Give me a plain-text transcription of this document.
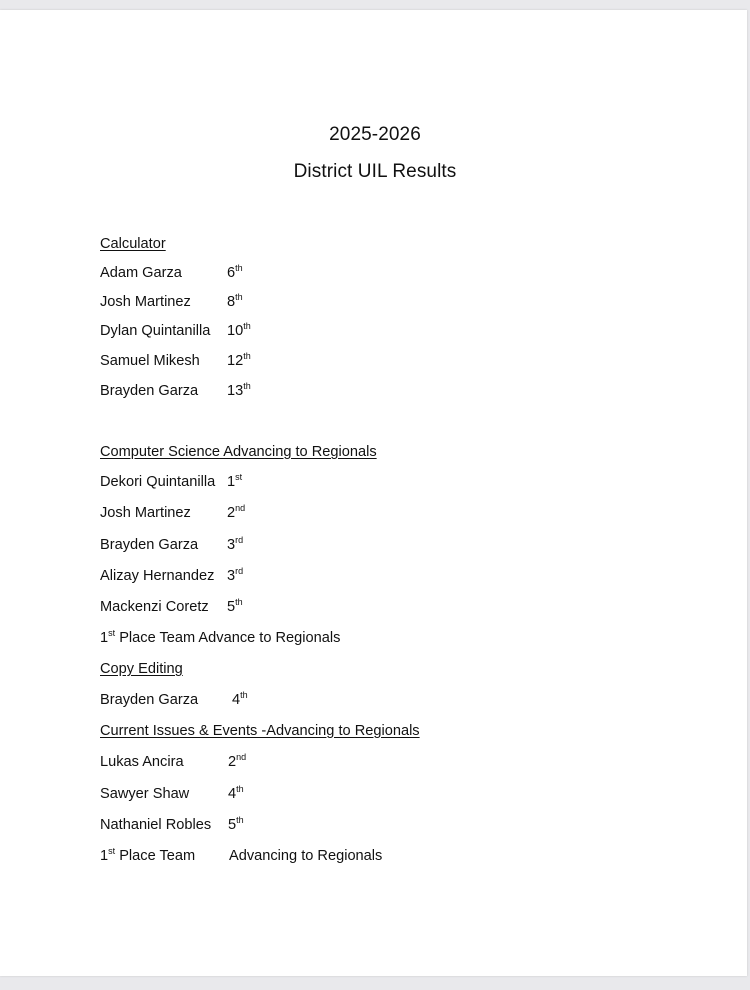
2025-2026
District UIL Results
Calculator
Adam Garza	6th
Josh Martinez 8th
Dylan Quintanilla 10th
Samuel Mikesh 12th
Brayden Garza 13th
Computer Science Advancing to Regionals
Dekori Quintanilla 1st
Josh Martinez 2nd
Brayden Garza 3rd
Alizay Hernandez 3rd
Mackenzi Coretz 5th
1st Place Team Advance to Regionals
Copy Editing
Brayden Garza 4th
Current Issues & Events -Advancing to Regionals
Lukas Ancira	2nd
Sawyer Shaw	4th
Nathaniel Robles 5th
1st Place Team Advancing to Regionals
